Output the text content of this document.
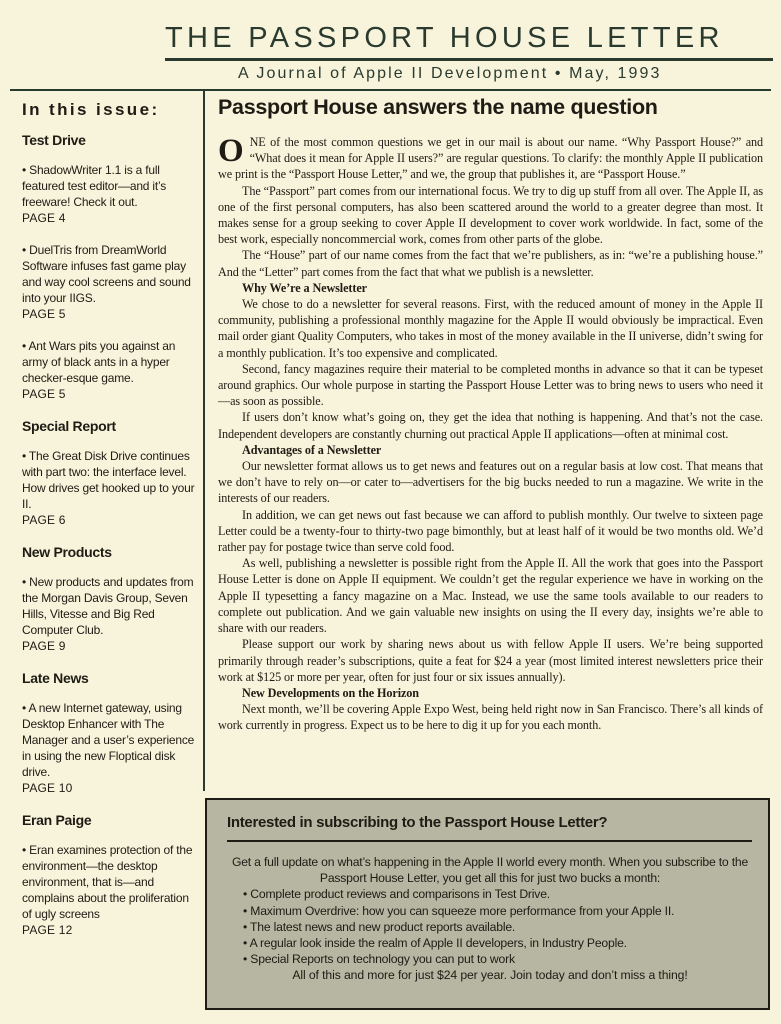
THE PASSPORT HOUSE LETTER
A Journal of Apple II Development • May, 1993
In this issue:
Test Drive
• ShadowWriter 1.1 is a full featured test editor—and it’s freeware! Check it out.
PAGE 4
• DuelTris from DreamWorld Software infuses fast game play and way cool screens and sound into your IIGS.
PAGE 5
• Ant Wars pits you against an army of black ants in a hyper checker-esque game.
PAGE 5
Special Report
• The Great Disk Drive continues with part two: the interface level. How drives get hooked up to your II.
PAGE 6
New Products
• New products and updates from the Morgan Davis Group, Seven Hills, Vitesse and Big Red Computer Club.
PAGE 9
Late News
• A new Internet gateway, using Desktop Enhancer with The Manager and a user’s experience in using the new Floptical disk drive.
PAGE 10
Eran Paige
• Eran examines protection of the environment—the desktop environment, that is—and complains about the proliferation of ugly screens
PAGE 12
Passport House answers the name question

ONE of the most common questions we get in our mail is about our name. “Why Passport House?” and “What does it mean for Apple II users?” are regular questions. To clarify: the monthly Apple II publication we print is the “Passport House Letter,” and we, the group that publishes it, are “Passport House.”

The “Passport” part comes from our international focus. We try to dig up stuff from all over. The Apple II, as one of the first personal computers, has also been scattered around the world to a greater degree than most. It makes sense for a group seeking to cover Apple II development to cover work worldwide. In fact, some of the best work, especially noncommercial work, comes from other parts of the globe.

The “House” part of our name comes from the fact that we’re publishers, as in: “we’re a publishing house.” And the “Letter” part comes from the fact that what we publish is a newsletter.

Why We’re a Newsletter

We chose to do a newsletter for several reasons. First, with the reduced amount of money in the Apple II community, publishing a professional monthly magazine for the Apple II would obviously be impractical. Even mail order giant Quality Computers, who takes in most of the money available in the II universe, didn’t swing for a monthly publication. It’s too expensive and complicated.

Second, fancy magazines require their material to be completed months in advance so that it can be typeset around graphics. Our whole purpose in starting the Passport House Letter was to bring news to users who need it—as soon as possible.

If users don’t know what’s going on, they get the idea that nothing is happening. And that’s not the case. Independent developers are constantly churning out practical Apple II applications—often at minimal cost.

Advantages of a Newsletter

Our newsletter format allows us to get news and features out on a regular basis at low cost. That means that we don’t have to rely on—or cater to—advertisers for the big bucks needed to run a magazine. We write in the interests of our readers.

In addition, we can get news out fast because we can afford to publish monthly. Our twelve to sixteen page Letter could be a twenty-four to thirty-two page bimonthly, but at least half of it would be two months old. We’d rather pay for postage twice than serve cold food.

As well, publishing a newsletter is possible right from the Apple II. All the work that goes into the Passport House Letter is done on Apple II equipment. We couldn’t get the regular experience we have in working on the Apple II typesetting a fancy magazine on a Mac. Instead, we use the same tools available to our readers to complete out publication. And we gain valuable new insights on using the II every day, insights we’re able to share with our readers.

Please support our work by sharing news about us with fellow Apple II users. We’re being supported primarily through reader’s subscriptions, quite a feat for $24 a year (most limited interest newsletters price their work at $125 or more per year, often for just four or six issues annually).

New Developments on the Horizon

Next month, we’ll be covering Apple Expo West, being held right now in San Francisco. There’s all kinds of work currently in progress. Expect us to be here to dig it up for you each month.

Interested in subscribing to the Passport House Letter?
Get a full update on what’s happening in the Apple II world every month. When you subscribe to the Passport House Letter, you get all this for just two bucks a month:
• Complete product reviews and comparisons in Test Drive.
• Maximum Overdrive: how you can squeeze more performance from your Apple II.
• The latest news and new product reports available.
• A regular look inside the realm of Apple II developers, in Industry People.
• Special Reports on technology you can put to work
All of this and more for just $24 per year. Join today and don’t miss a thing!
